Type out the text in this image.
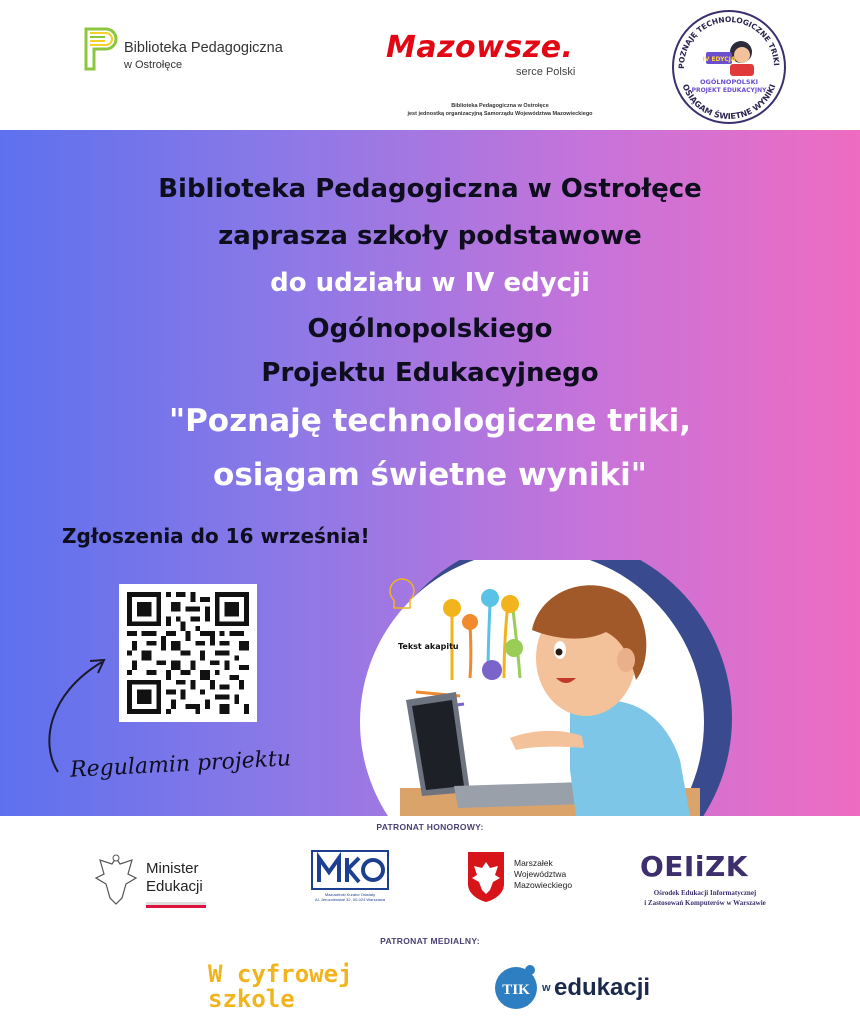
Biblioteka Pedagogiczna
w Ostrołęce	Mazowsze.
serce Polski
Biblioteka Pedagogiczna w Ostrołęce
jest jednostką organizacyjną Samorządu Województwa Mazowieckiego
POZNAJĘ TECHNOLOGICZNE TRIKI
OSIĄGAM ŚWIETNE WYNIKI
IV EDYCJA
OGÓLNOPOLSKI
PROJEKT EDUKACYJNY
Biblioteka Pedagogiczna w Ostrołęce
zaprasza szkoły podstawowe
do udziału w IV edycji
Ogólnopolskiego
Projektu Edukacyjnego
"Poznaję technologiczne triki,
osiągam świetne wyniki"
Zgłoszenia do 16 września!
Regulamin projektu
Tekst akapitu
PATRONAT HONOROWY:
Minister
Edukacji	Mazowiecki Kurator Oświaty
Al. Jerozolimskie 32, 00-024 Warszawa
Marszałek
Województwa
Mazowieckiego
OEIiZK
Ośrodek Edukacji Informatycznej
i Zastosowań Komputerów w Warszawie
PATRONAT MEDIALNY:
W cyfrowej
szkole	TIK w edukacji
